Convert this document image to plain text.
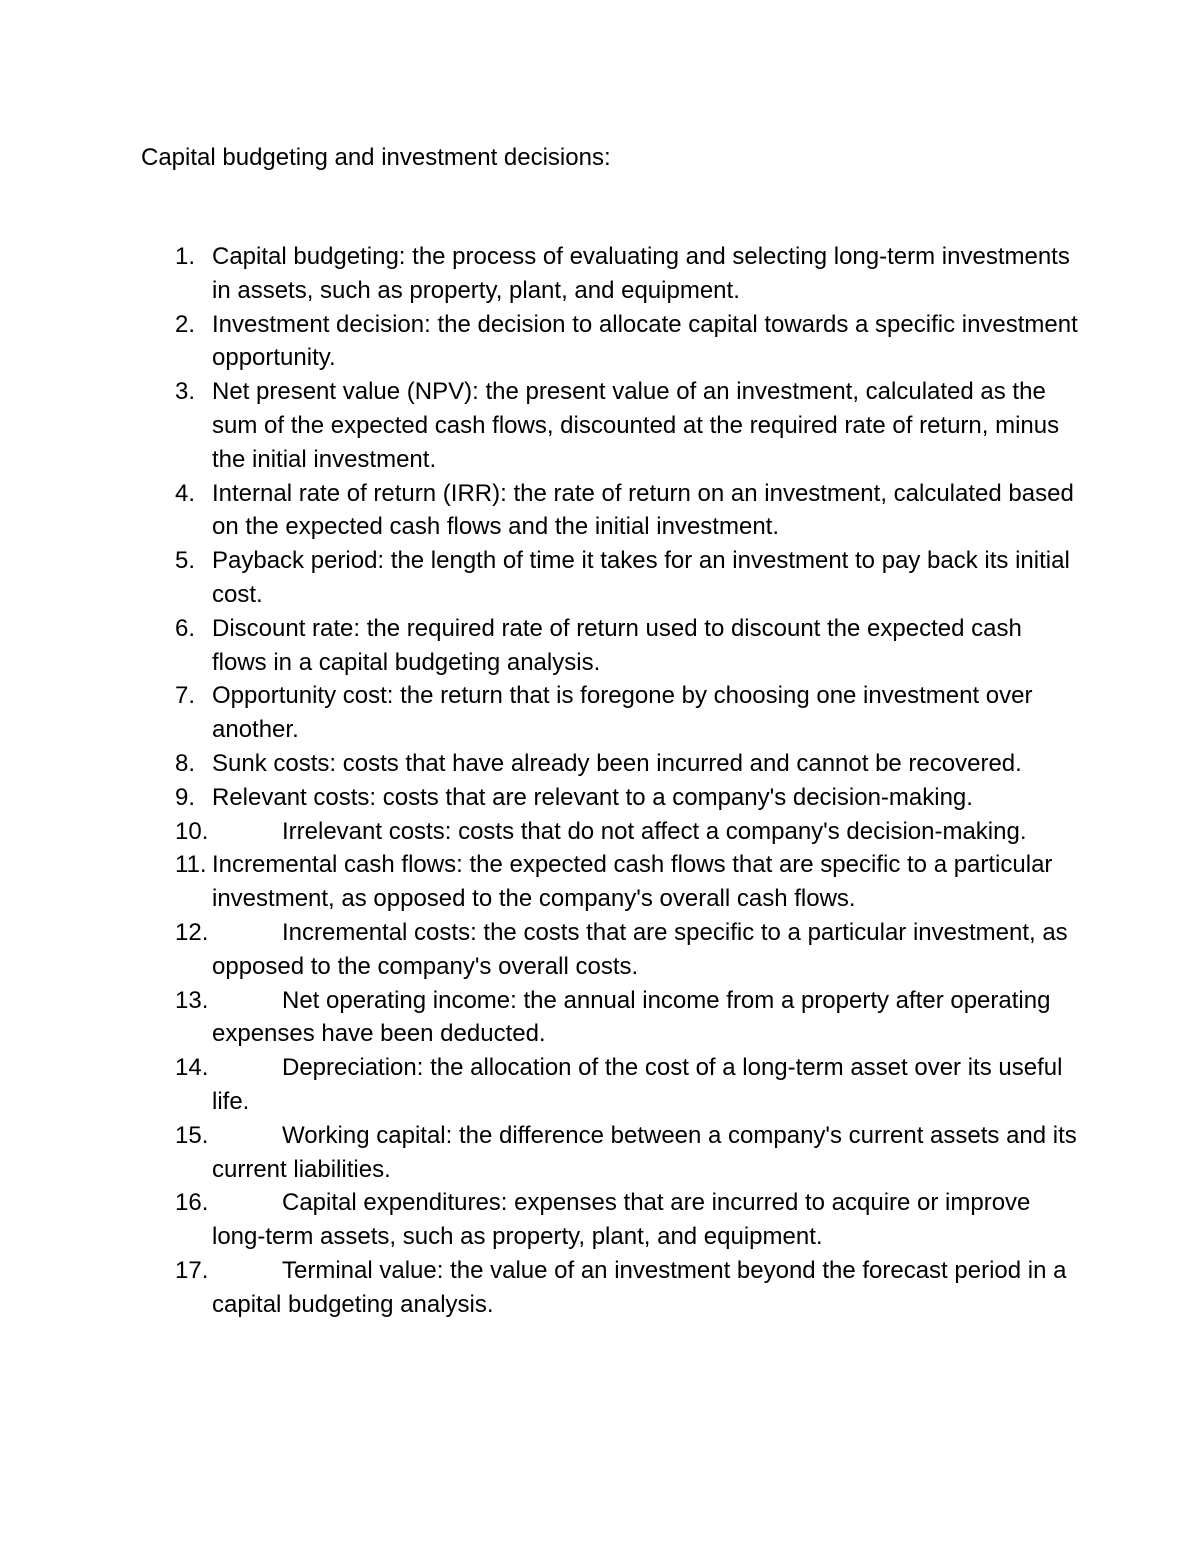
Capital budgeting and investment decisions:
1. Capital budgeting: the process of evaluating and selecting long-term investments in assets, such as property, plant, and equipment.
2. Investment decision: the decision to allocate capital towards a specific investment opportunity.
3. Net present value (NPV): the present value of an investment, calculated as the sum of the expected cash flows, discounted at the required rate of return, minus the initial investment.
4. Internal rate of return (IRR): the rate of return on an investment, calculated based on the expected cash flows and the initial investment.
5. Payback period: the length of time it takes for an investment to pay back its initial cost.
6. Discount rate: the required rate of return used to discount the expected cash flows in a capital budgeting analysis.
7. Opportunity cost: the return that is foregone by choosing one investment over another.
8. Sunk costs: costs that have already been incurred and cannot be recovered.
9. Relevant costs: costs that are relevant to a company's decision-making.
10.	Irrelevant costs: costs that do not affect a company's decision-making.
11. Incremental cash flows: the expected cash flows that are specific to a particular investment, as opposed to the company's overall cash flows.
12.	Incremental costs: the costs that are specific to a particular investment, as opposed to the company's overall costs.
13.	Net operating income: the annual income from a property after operating expenses have been deducted.
14.	Depreciation: the allocation of the cost of a long-term asset over its useful life.
15.	Working capital: the difference between a company's current assets and its current liabilities.
16.	Capital expenditures: expenses that are incurred to acquire or improve long-term assets, such as property, plant, and equipment.
17.	Terminal value: the value of an investment beyond the forecast period in a capital budgeting analysis.
